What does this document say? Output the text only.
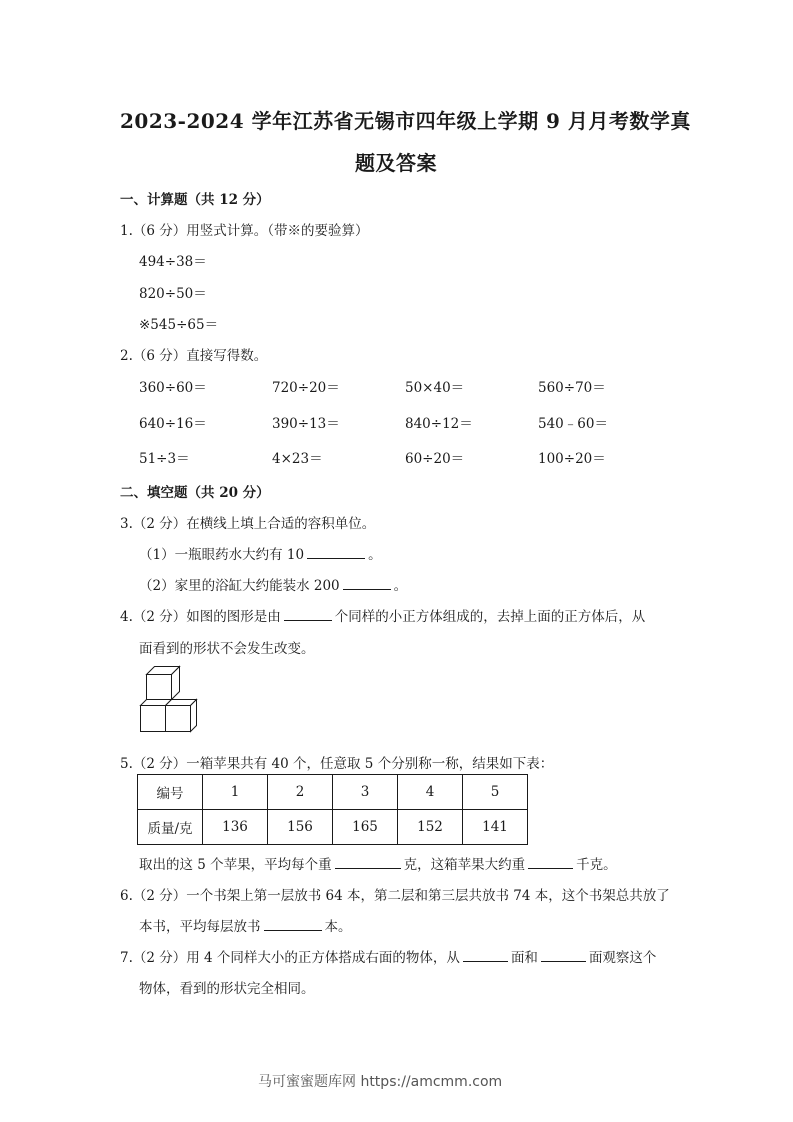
2023-2024 学年江苏省无锡市四年级上学期 9 月月考数学真
题及答案
一、计算题（共 12 分）
1.（6 分）用竖式计算。（带※的要验算）
494÷38＝
820÷50＝
※545÷65＝
2.（6 分）直接写得数。
360÷60＝	720÷20＝	50×40＝	560÷70＝
640÷16＝	390÷13＝	840÷12＝	540﹣60＝
51÷3＝	4×23＝	60÷20＝	100÷20＝
二、填空题（共 20 分）
3.（2 分）在横线上填上合适的容积单位。
（1）一瓶眼药水大约有 10	。
（2）家里的浴缸大约能装水 200	。
4.（2 分）如图的图形是由	个同样的小正方体组成的，去掉上面的正方体后，从
面看到的形状不会发生改变。
5.（2 分）一箱苹果共有 40 个，任意取 5 个分别称一称，结果如下表：
编号	1	2	3	4	5
质量/克	136	156	165	152	141
取出的这 5 个苹果，平均每个重	克，这箱苹果大约重	千克。
6.（2 分）一个书架上第一层放书 64 本，第二层和第三层共放书 74 本，这个书架总共放了
本书，平均每层放书	本。
7.（2 分）用 4 个同样大小的正方体搭成右面的物体，从	面和	面观察这个
物体，看到的形状完全相同。
马可蜜蜜题库网 https://amcmm.com
